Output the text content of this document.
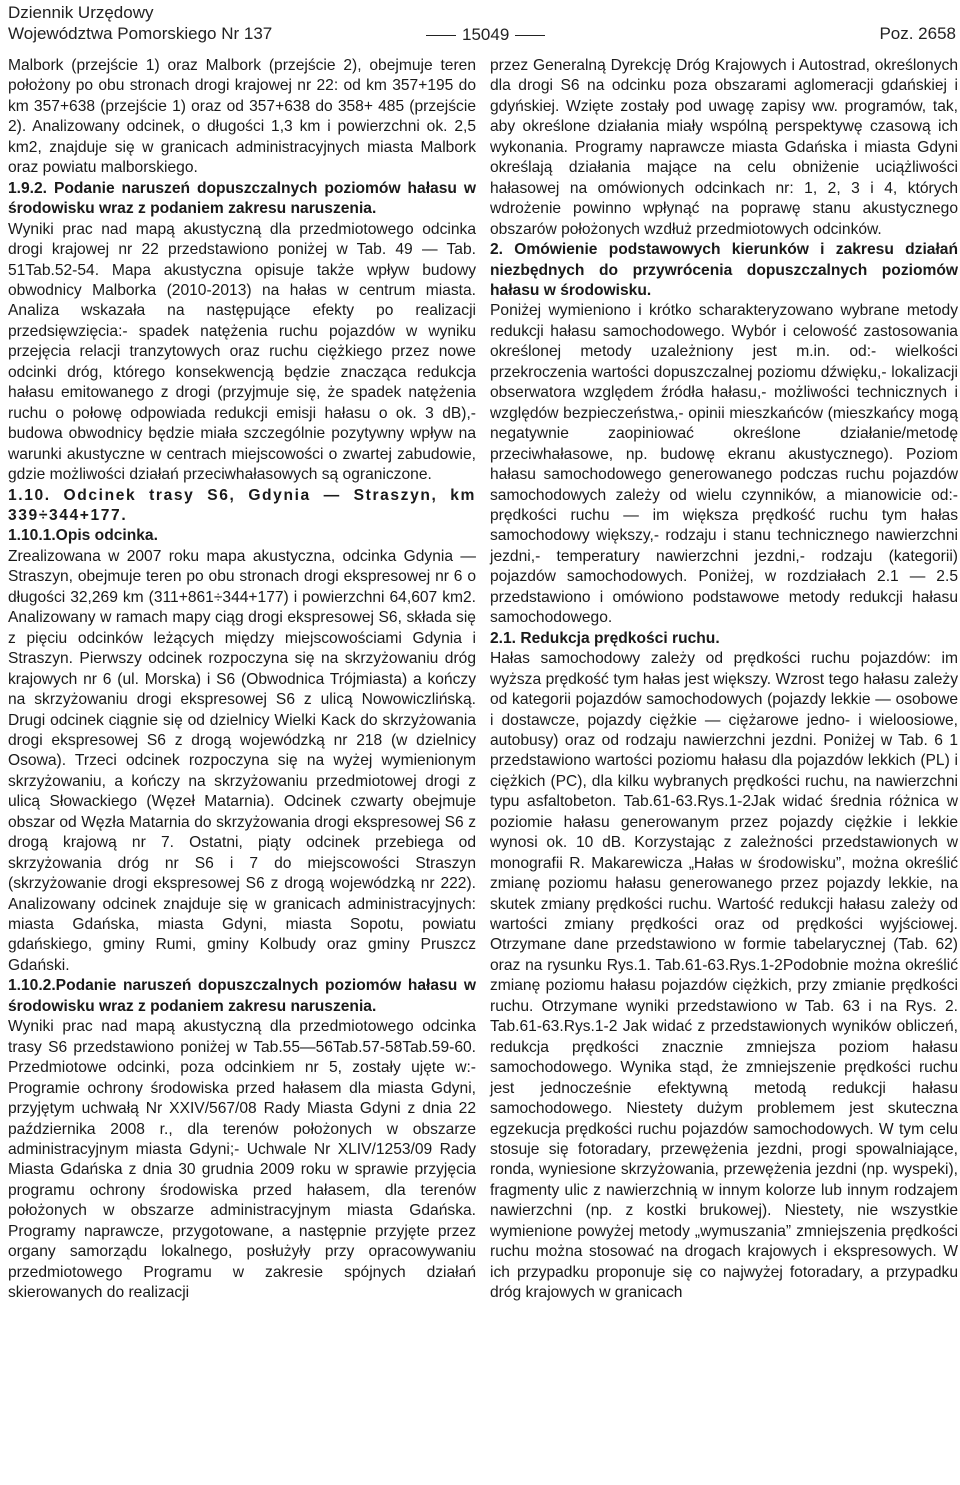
Dziennik Urzędowy
Województwa Pomorskiego Nr 137	15049	Poz. 2658

Malbork (przejście 1) oraz Malbork (przejście 2), obejmuje teren położony po obu stronach drogi krajowej nr 22: od km 357+195 do km 357+638 (przejście 1) oraz od 357+638 do 358+ 485 (przejście 2). Analizowany odcinek, o długości 1,3 km i powierzchni ok. 2,5 km2, znajduje się w granicach administracyjnych miasta Malbork oraz powiatu malborskiego.

1.9.2. Podanie naruszeń dopuszczalnych poziomów hałasu w środowisku wraz z podaniem zakresu naruszenia.

Wyniki prac nad mapą akustyczną dla przedmiotowego odcinka drogi krajowej nr 22 przedstawiono poniżej w Tab. 49 — Tab. 51Tab.52-54. Mapa akustyczna opisuje także wpływ budowy obwodnicy Malborka (2010-2013) na hałas w centrum miasta. Analiza wskazała na następujące efekty po realizacji przedsięwzięcia:- spadek natężenia ruchu pojazdów w wyniku przejęcia relacji tranzytowych oraz ruchu ciężkiego przez nowe odcinki dróg, którego konsekwencją będzie znacząca redukcja hałasu emitowanego z drogi (przyjmuje się, że spadek natężenia ruchu o połowę odpowiada redukcji emisji hałasu o ok. 3 dB),- budowa obwodnicy będzie miała szczególnie pozytywny wpływ na warunki akustyczne w centrach miejscowości o zwartej zabudowie, gdzie możliwości działań przeciwhałasowych są ograniczone.

1.10. Odcinek trasy S6, Gdynia — Straszyn, km 339÷344+177.

1.10.1.Opis odcinka.

Zrealizowana w 2007 roku mapa akustyczna, odcinka Gdynia —Straszyn, obejmuje teren po obu stronach drogi ekspresowej nr 6 o długości 32,269 km (311+861÷344+177) i powierzchni 64,607 km2. Analizowany w ramach mapy ciąg drogi ekspresowej S6, składa się z pięciu odcinków leżących między miejscowościami Gdynia i Straszyn. Pierwszy odcinek rozpoczyna się na skrzyżowaniu dróg krajowych nr 6 (ul. Morska) i S6 (Obwodnica Trójmiasta) a kończy na skrzyżowaniu drogi ekspresowej S6 z ulicą Nowowiczlińską. Drugi odcinek ciągnie się od dzielnicy Wielki Kack do skrzyżowania drogi ekspresowej S6 z drogą wojewódzką nr 218 (w dzielnicy Osowa). Trzeci odcinek rozpoczyna się na wyżej wymienionym skrzyżowaniu, a kończy na skrzyżowaniu przedmiotowej drogi z ulicą Słowackiego (Węzeł Matarnia). Odcinek czwarty obejmuje obszar od Węzła Matarnia do skrzyżowania drogi ekspresowej S6 z drogą krajową nr 7. Ostatni, piąty odcinek przebiega od skrzyżowania dróg nr S6 i 7 do miejscowości Straszyn (skrzyżowanie drogi ekspresowej S6 z drogą wojewódzką nr 222). Analizowany odcinek znajduje się w granicach administracyjnych: miasta Gdańska, miasta Gdyni, miasta Sopotu, powiatu gdańskiego, gminy Rumi, gminy Kolbudy oraz gminy Pruszcz Gdański.

1.10.2.Podanie naruszeń dopuszczalnych poziomów hałasu w środowisku wraz z podaniem zakresu naruszenia.

Wyniki prac nad mapą akustyczną dla przedmiotowego odcinka trasy S6 przedstawiono poniżej w Tab.55—56Tab.57-58Tab.59-60. Przedmiotowe odcinki, poza odcinkiem nr 5, zostały ujęte w:- Programie ochrony środowiska przed hałasem dla miasta Gdyni, przyjętym uchwałą Nr XXIV/567/08 Rady Miasta Gdyni z dnia 22 października 2008 r., dla terenów położonych w obszarze administracyjnym miasta Gdyni;- Uchwale Nr XLIV/1253/09 Rady Miasta Gdańska z dnia 30 grudnia 2009 roku w sprawie przyjęcia programu ochrony środowiska przed hałasem, dla terenów położonych w obszarze administracyjnym miasta Gdańska. Programy naprawcze, przygotowane, a następnie przyjęte przez organy samorządu lokalnego, posłużyły przy opracowywaniu przedmiotowego Programu w zakresie spójnych działań skierowanych do realizacji

przez Generalną Dyrekcję Dróg Krajowych i Autostrad, określonych dla drogi S6 na odcinku poza obszarami aglomeracji gdańskiej i gdyńskiej. Wzięte zostały pod uwagę zapisy ww. programów, tak, aby określone działania miały wspólną perspektywę czasową ich wykonania. Programy naprawcze miasta Gdańska i miasta Gdyni określają działania mające na celu obniżenie uciążliwości hałasowej na omówionych odcinkach nr: 1, 2, 3 i 4, których wdrożenie powinno wpłynąć na poprawę stanu akustycznego obszarów położonych wzdłuż przedmiotowych odcinków.

2. Omówienie podstawowych kierunków i zakresu działań niezbędnych do przywrócenia dopuszczalnych poziomów hałasu w środowisku.

Poniżej wymieniono i krótko scharakteryzowano wybrane metody redukcji hałasu samochodowego. Wybór i celowość zastosowania określonej metody uzależniony jest m.in. od:- wielkości przekroczenia wartości dopuszczalnej poziomu dźwięku,- lokalizacji obserwatora względem źródła hałasu,- możliwości technicznych i względów bezpieczeństwa,- opinii mieszkańców (mieszkańcy mogą negatywnie zaopiniować określone działanie/metodę przeciwhałasowe, np. budowę ekranu akustycznego). Poziom hałasu samochodowego generowanego podczas ruchu pojazdów samochodowych zależy od wielu czynników, a mianowicie od:- prędkości ruchu — im większa prędkość ruchu tym hałas samochodowy większy,- rodzaju i stanu technicznego nawierzchni jezdni,- temperatury nawierzchni jezdni,- rodzaju (kategorii) pojazdów samochodowych. Poniżej, w rozdziałach 2.1 — 2.5 przedstawiono i omówiono podstawowe metody redukcji hałasu samochodowego.

2.1. Redukcja prędkości ruchu.

Hałas samochodowy zależy od prędkości ruchu pojazdów: im wyższa prędkość tym hałas jest większy. Wzrost tego hałasu zależy od kategorii pojazdów samochodowych (pojazdy lekkie — osobowe i dostawcze, pojazdy ciężkie — ciężarowe jedno- i wieloosiowe, autobusy) oraz od rodzaju nawierzchni jezdni. Poniżej w Tab. 6 1 przedstawiono wartości poziomu hałasu dla pojazdów lekkich (PL) i ciężkich (PC), dla kilku wybranych prędkości ruchu, na nawierzchni typu asfaltobeton. Tab.61-63.Rys.1-2Jak widać średnia różnica w poziomie hałasu generowanym przez pojazdy ciężkie i lekkie wynosi ok. 10 dB. Korzystając z zależności przedstawionych w monografii R. Makarewicza „Hałas w środowisku”, można określić zmianę poziomu hałasu generowanego przez pojazdy lekkie, na skutek zmiany prędkości ruchu. Wartość redukcji hałasu zależy od wartości zmiany prędkości oraz od prędkości wyjściowej. Otrzymane dane przedstawiono w formie tabelarycznej (Tab. 62) oraz na rysunku Rys.1. Tab.61-63.Rys.1-2Podobnie można określić zmianę poziomu hałasu pojazdów ciężkich, przy zmianie prędkości ruchu. Otrzymane wyniki przedstawiono w Tab. 63 i na Rys. 2. Tab.61-63.Rys.1-2 Jak widać z przedstawionych wyników obliczeń, redukcja prędkości znacznie zmniejsza poziom hałasu samochodowego. Wynika stąd, że zmniejszenie prędkości ruchu jest jednocześnie efektywną metodą redukcji hałasu samochodowego. Niestety dużym problemem jest skuteczna egzekucja prędkości ruchu pojazdów samochodowych. W tym celu stosuje się fotoradary, przewężenia jezdni, progi spowalniające, ronda, wyniesione skrzyżowania, przewężenia jezdni (np. wyspeki), fragmenty ulic z nawierzchnią w innym kolorze lub innym rodzajem nawierzchni (np. z kostki brukowej). Niestety, nie wszystkie wymienione powyżej metody „wymuszania” zmniejszenia prędkości ruchu można stosować na drogach krajowych i ekspresowych. W ich przypadku proponuje się co najwyżej fotoradary, a przypadku dróg krajowych w granicach
